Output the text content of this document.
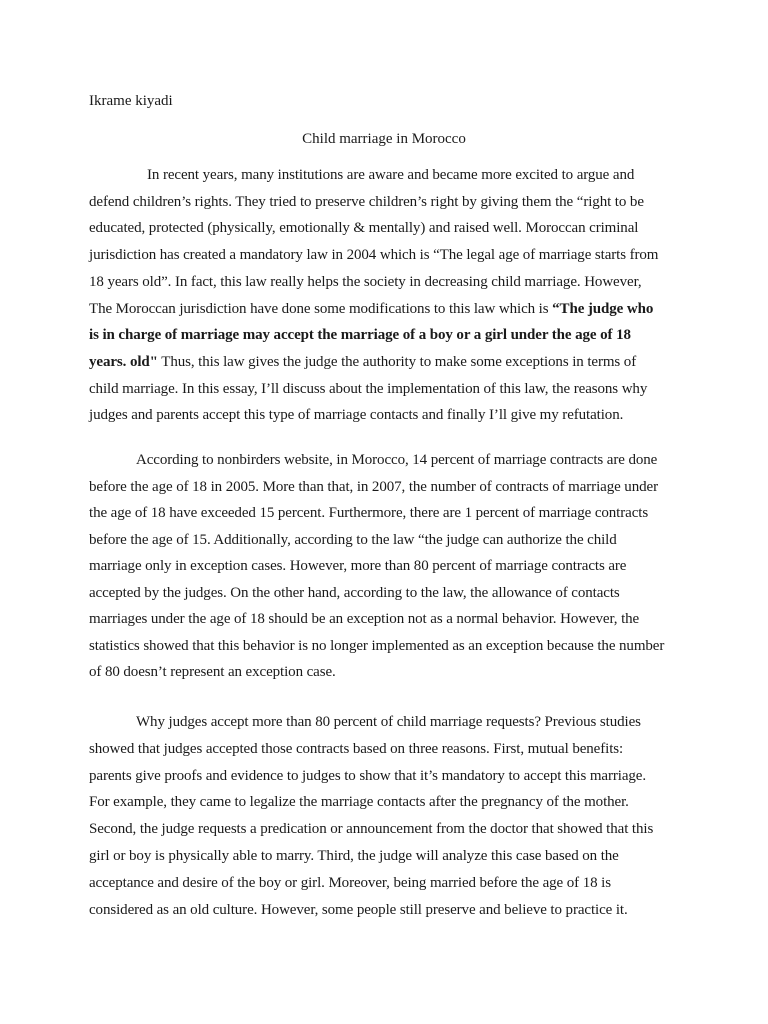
Ikrame kiyadi
Child marriage in Morocco
In recent years, many institutions are aware and became more excited to argue and
defend children’s rights. They tried to preserve children’s right by giving them the “right to be
educated, protected (physically, emotionally & mentally) and raised well. Moroccan criminal
jurisdiction has created a mandatory law in 2004 which is “The legal age of marriage starts from
18 years old”. In fact, this law really helps the society in decreasing child marriage. However,
The Moroccan jurisdiction have done some modifications to this law which is “The judge who
is in charge of marriage may accept the marriage of a boy or a girl under the age of 18
years. old" Thus, this law gives the judge the authority to make some exceptions in terms of
child marriage. In this essay, I’ll discuss about the implementation of this law, the reasons why
judges and parents accept this type of marriage contacts and finally I’ll give my refutation.
According to nonbirders website, in Morocco, 14 percent of marriage contracts are done
before the age of 18 in 2005. More than that, in 2007, the number of contracts of marriage under
the age of 18 have exceeded 15 percent. Furthermore, there are 1 percent of marriage contracts
before the age of 15. Additionally, according to the law “the judge can authorize the child
marriage only in exception cases. However, more than 80 percent of marriage contracts are
accepted by the judges. On the other hand, according to the law, the allowance of contacts
marriages under the age of 18 should be an exception not as a normal behavior. However, the
statistics showed that this behavior is no longer implemented as an exception because the number
of 80 doesn’t represent an exception case.
Why judges accept more than 80 percent of child marriage requests? Previous studies
showed that judges accepted those contracts based on three reasons. First, mutual benefits:
parents give proofs and evidence to judges to show that it’s mandatory to accept this marriage.
For example, they came to legalize the marriage contacts after the pregnancy of the mother.
Second, the judge requests a predication or announcement from the doctor that showed that this
girl or boy is physically able to marry. Third, the judge will analyze this case based on the
acceptance and desire of the boy or girl. Moreover, being married before the age of 18 is
considered as an old culture. However, some people still preserve and believe to practice it.
